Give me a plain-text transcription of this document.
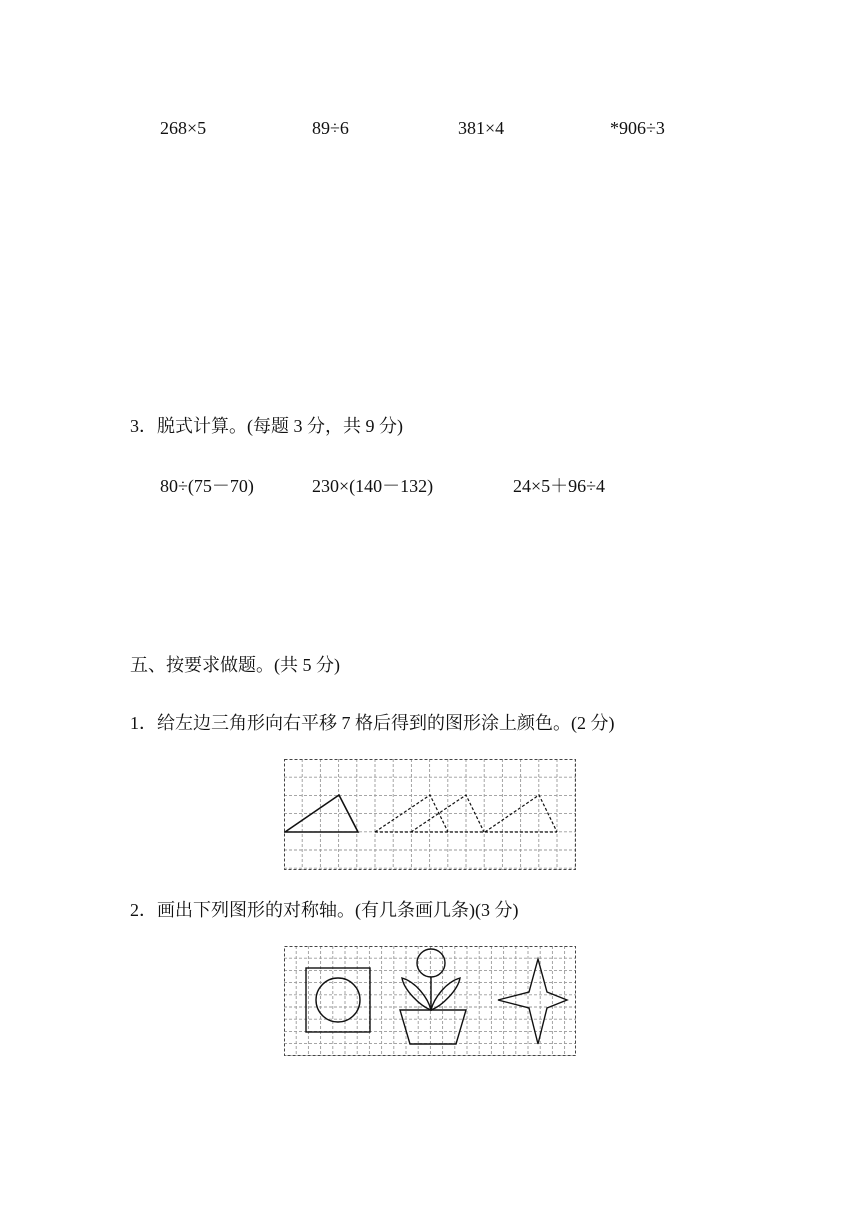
268×5	89÷6	381×4	*906÷3
3．脱式计算。(每题 3 分，共 9 分)
80÷(75－70)	230×(140－132)	24×5＋96÷4
五、按要求做题。(共 5 分)
1．给左边三角形向右平移 7 格后得到的图形涂上颜色。(2 分)
2．画出下列图形的对称轴。(有几条画几条)(3 分)
